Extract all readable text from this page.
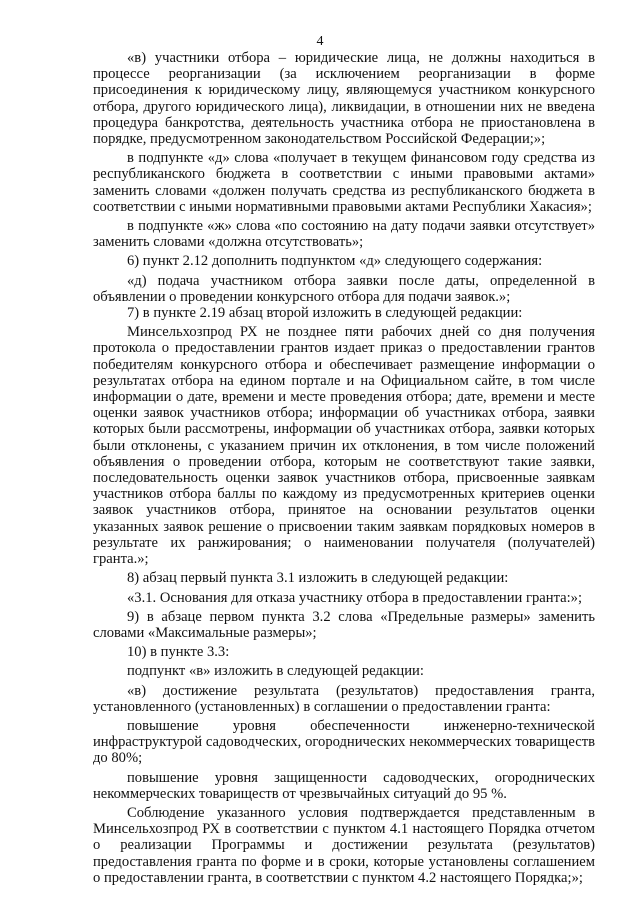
4

«в) участники отбора – юридические лица, не должны находиться в процессе реорганизации (за исключением реорганизации в форме присоединения к юридическому лицу, являющемуся участником конкурсного отбора, другого юридического лица), ликвидации, в отношении них не введена процедура банкротства, деятельность участника отбора не приостановлена в порядке, предусмотренном законодательством Российской Федерации;»;

в подпункте «д» слова «получает в текущем финансовом году средства из республиканского бюджета в соответствии с иными правовыми актами» заменить словами «должен получать средства из республиканского бюджета в соответствии с иными нормативными правовыми актами Республики Хакасия»;

в подпункте «ж» слова «по состоянию на дату подачи заявки отсутствует» заменить словами «должна отсутствовать»;

6) пункт 2.12 дополнить подпунктом «д» следующего содержания:

«д) подача участником отбора заявки после даты, определенной в объявлении о проведении конкурсного отбора для подачи заявок.»;

7) в пункте 2.19 абзац второй изложить в следующей редакции:

Минсельхозпрод РХ не позднее пяти рабочих дней со дня получения протокола о предоставлении грантов издает приказ о предоставлении грантов победителям конкурсного отбора и обеспечивает размещение информации о результатах отбора на едином портале и на Официальном сайте, в том числе информации о дате, времени и месте проведения отбора; дате, времени и месте оценки заявок участников отбора; информации об участниках отбора, заявки которых были рассмотрены, информации об участниках отбора, заявки которых были отклонены, с указанием причин их отклонения, в том числе положений объявления о проведении отбора, которым не соответствуют такие заявки, последовательность оценки заявок участников отбора, присвоенные заявкам участников отбора баллы по каждому из предусмотренных критериев оценки заявок участников отбора, принятое на основании результатов оценки указанных заявок решение о присвоении таким заявкам порядковых номеров в результате их ранжирования; о наименовании получателя (получателей) гранта.»;

8) абзац первый пункта 3.1 изложить в следующей редакции:

«3.1. Основания для отказа участнику отбора в предоставлении гранта:»;

9) в абзаце первом пункта 3.2 слова «Предельные размеры» заменить словами «Максимальные размеры»;

10) в пункте 3.3:

подпункт «в» изложить в следующей редакции:

«в) достижение результата (результатов) предоставления гранта, установленного (установленных) в соглашении о предоставлении гранта:

повышение уровня обеспеченности инженерно-технической инфраструктурой садоводческих, огороднических некоммерческих товариществ до 80%;

повышение уровня защищенности садоводческих, огороднических некоммерческих товариществ от чрезвычайных ситуаций до 95 %.

Соблюдение указанного условия подтверждается представленным в Минсельхозпрод РХ в соответствии с пунктом 4.1 настоящего Порядка отчетом о реализации Программы и достижении результата (результатов) предоставления гранта по форме и в сроки, которые установлены соглашением о предоставлении гранта, в соответствии с пунктом 4.2 настоящего Порядка;»;
